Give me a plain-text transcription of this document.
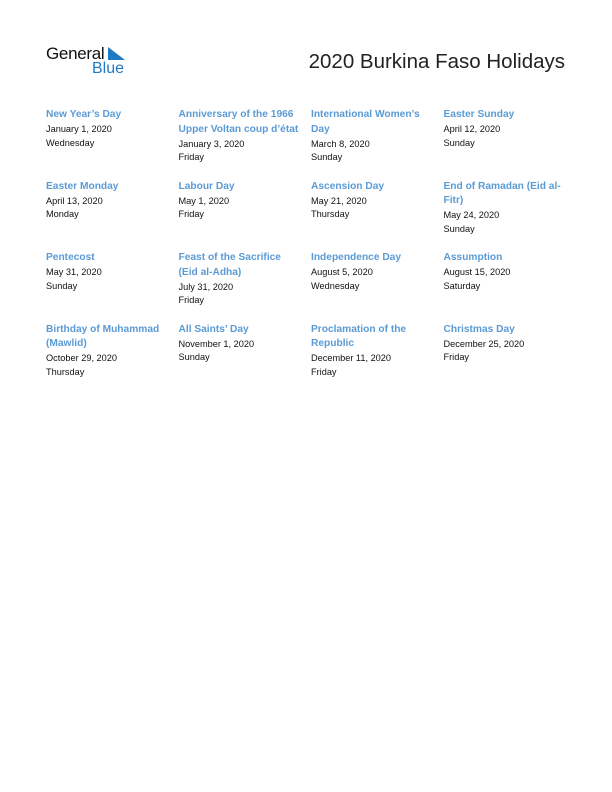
General
Blue	2020 Burkina Faso Holidays
New Year’s Day
January 1, 2020
Wednesday
Anniversary of the 1966 Upper Voltan coup d’état
January 3, 2020
Friday
International Women’s Day
March 8, 2020
Sunday
Easter Sunday
April 12, 2020
Sunday
Easter Monday
April 13, 2020
Monday
Labour Day
May 1, 2020
Friday
Ascension Day
May 21, 2020
Thursday
End of Ramadan (Eid al-Fitr)
May 24, 2020
Sunday
Pentecost
May 31, 2020
Sunday
Feast of the Sacrifice (Eid al-Adha)
July 31, 2020
Friday
Independence Day
August 5, 2020
Wednesday
Assumption
August 15, 2020
Saturday
Birthday of Muhammad (Mawlid)
October 29, 2020
Thursday
All Saints’ Day
November 1, 2020
Sunday
Proclamation of the Republic
December 11, 2020
Friday
Christmas Day
December 25, 2020
Friday
